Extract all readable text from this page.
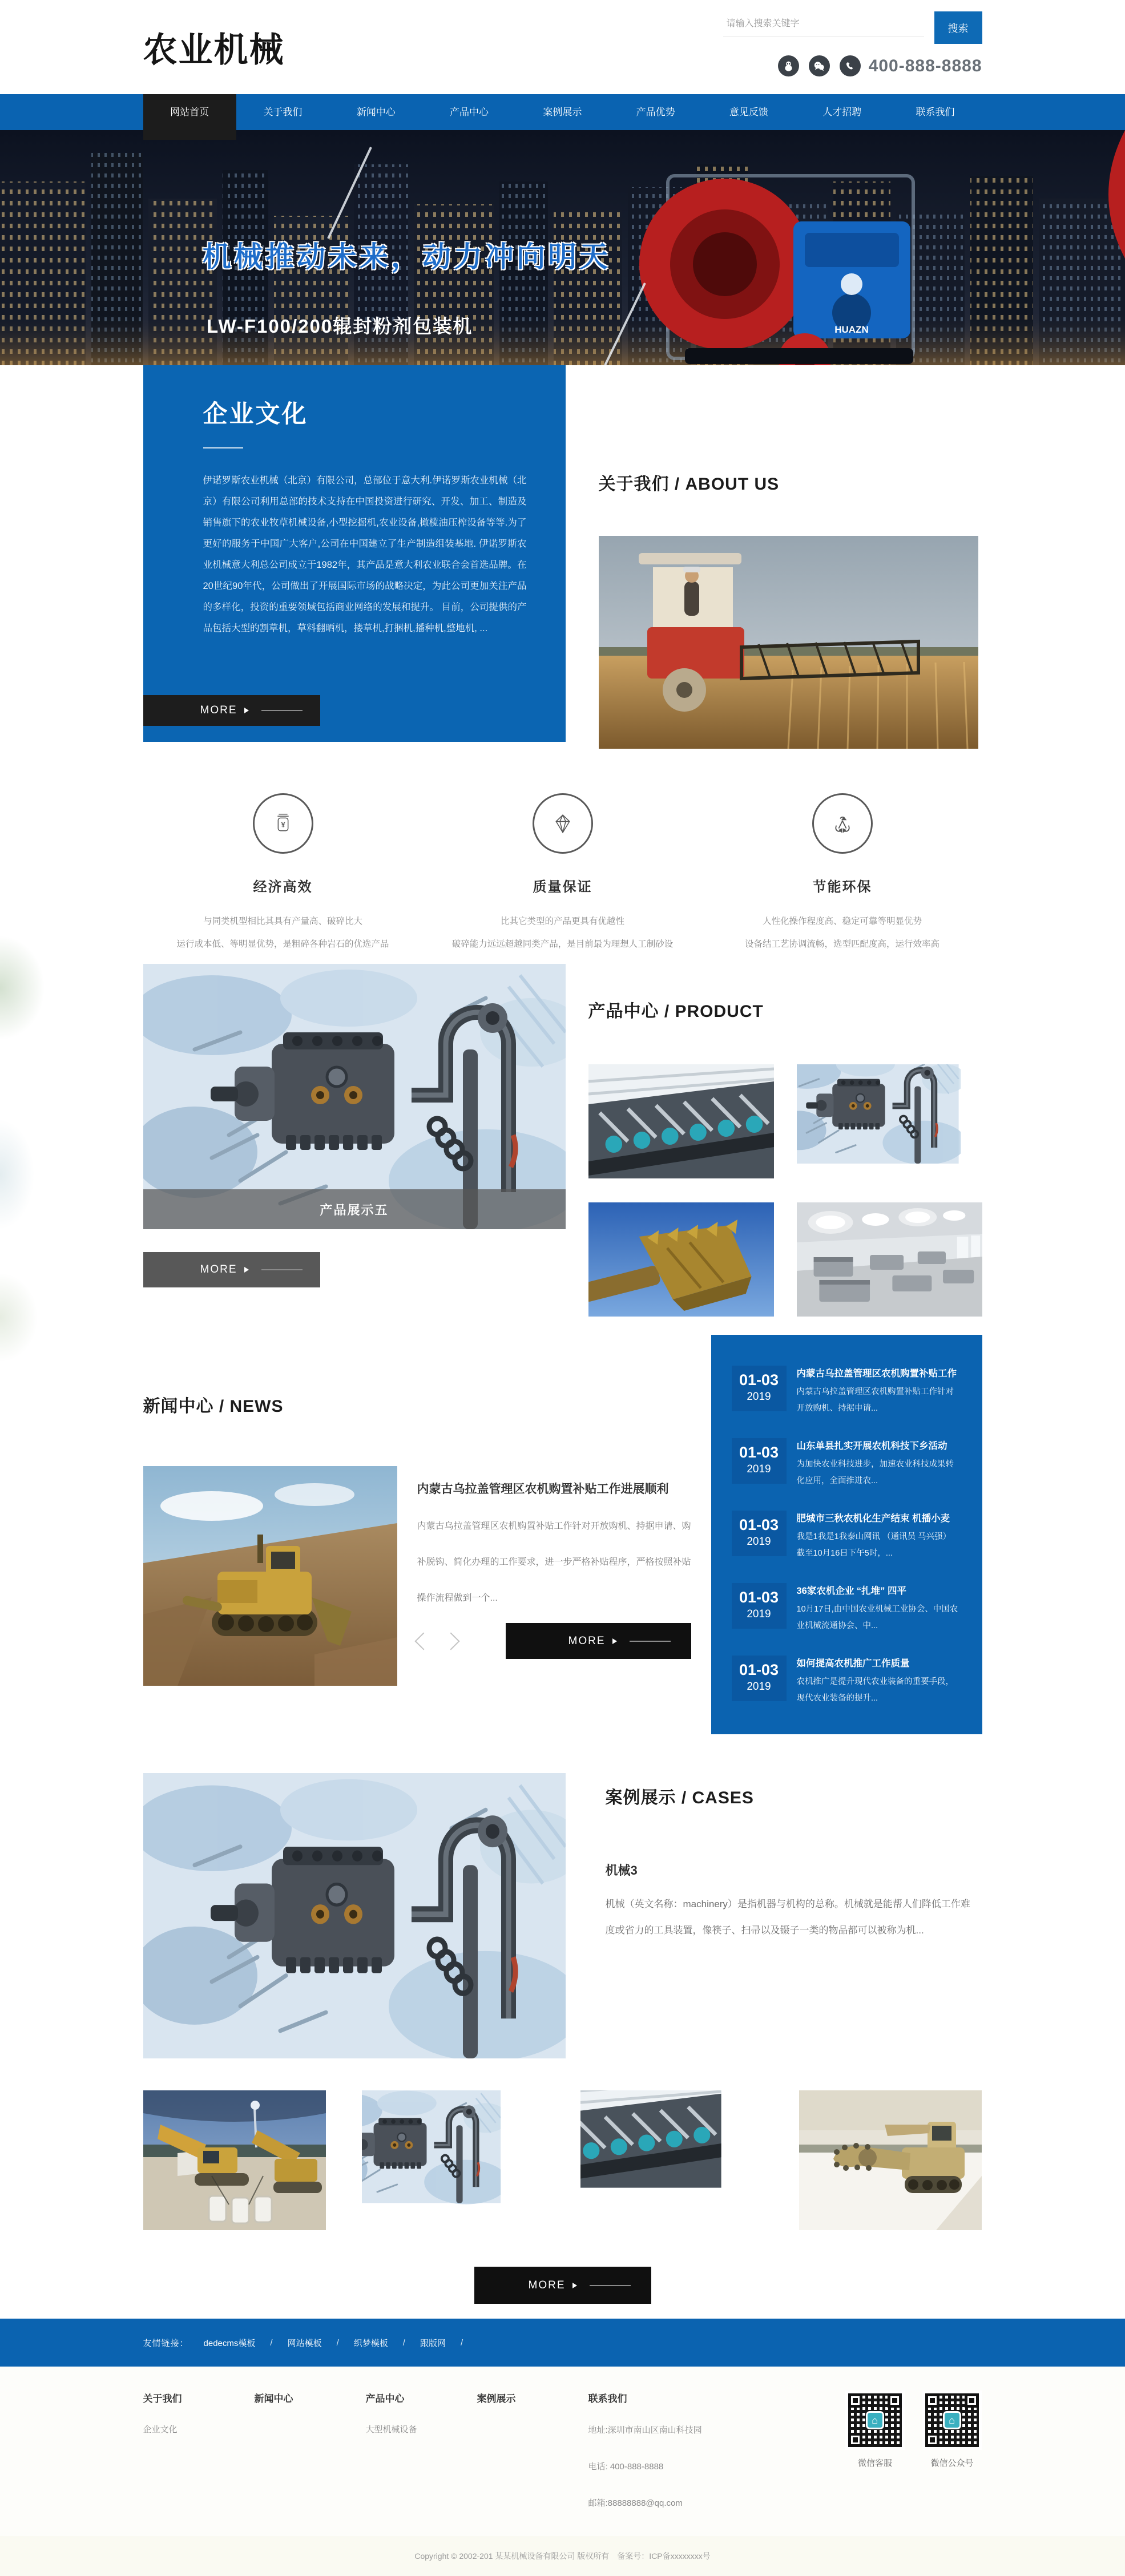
农业机械
请输入搜索关键字
搜索
400-888-8888
网站首页	关于我们	新闻中心	产品中心	案例展示	产品优势	意见反馈	人才招聘	联系我们
HUAZN
机械推动未来，动力冲向明天
LW-F100/200辊封粉剂包装机
企业文化
伊诺罗斯农业机械（北京）有限公司，总部位于意大利.伊诺罗斯农业机械（北京）有限公司利用总部的技术支持在中国投资进行研究、开发、加工、制造及销售旗下的农业牧草机械设备,小型挖掘机,农业设备,橄榄油压榨设备等等.为了更好的服务于中国广大客户,公司在中国建立了生产制造组装基地. 伊诺罗斯农业机械意大利总公司成立于1982年，其产品是意大利农业联合会首选品牌。在20世纪90年代，公司做出了开展国际市场的战略决定，为此公司更加关注产品的多样化，投资的重要领域包括商业网络的发展和提升。 目前，公司提供的产品包括大型的割草机，草料翻晒机，搂草机,打捆机,播种机,整地机, ...
MORE
关于我们 / ABOUT US
¥
经济高效
与同类机型相比其具有产量高、破碎比大
运行成本低、等明显优势，是粗碎各种岩石的优选产品
质量保证
比其它类型的产品更具有优越性
破碎能力远远超越同类产品，是目前最为理想人工制砂设
节能环保
人性化操作程度高、稳定可靠等明显优势
设备结工艺协调流畅，选型匹配度高，运行效率高
产品展示五
MORE
产品中心 / PRODUCT
新闻中心 / NEWS
内蒙古乌拉盖管理区农机购置补贴工作进展顺利
内蒙古乌拉盖管理区农机购置补贴工作针对开放购机、持据申请、购补脱钩、简化办理的工作要求，进一步严格补贴程序，严格按照补贴操作流程做到一个...
MORE
01-03
2019
内蒙古乌拉盖管理区农机购置补贴工作
内蒙古乌拉盖管理区农机购置补贴工作针对开放购机、持据申请...
01-03
2019
山东单县扎实开展农机科技下乡活动
为加快农业科技进步，加速农业科技成果转化应用，全面推进农...
01-03
2019
肥城市三秋农机化生产结束 机播小麦
我是1我是1我泰山网讯 （通讯员 马兴强） 截至10月16日下午5时，...
01-03
2019
36家农机企业 “扎堆” 四平
10月17日,由中国农业机械工业协会、中国农业机械流通协会、中...
01-03
2019
如何提高农机推广工作质量
农机推广是提升现代农业装备的重要手段，现代农业装备的提升...
案例展示 / CASES
机械3
机械（英文名称：machinery）是指机器与机构的总称。机械就是能帮人们降低工作难度或省力的工具装置，像筷子、扫帚以及镊子一类的物品都可以被称为机...
MORE
友情链接： dedecms模板 / 网站模板 / 织梦模板 / 跟版网 /
关于我们
企业文化
新闻中心	产品中心
大型机械设备
案例展示	联系我们
地址:深圳市南山区南山科技园
电话: 400-888-8888
邮箱:88888888@qq.com
⌂
微信客服
⌂
微信公众号
Copyright © 2002-201 某某机械设备有限公司 版权所有　备案号：ICP备xxxxxxxx号
